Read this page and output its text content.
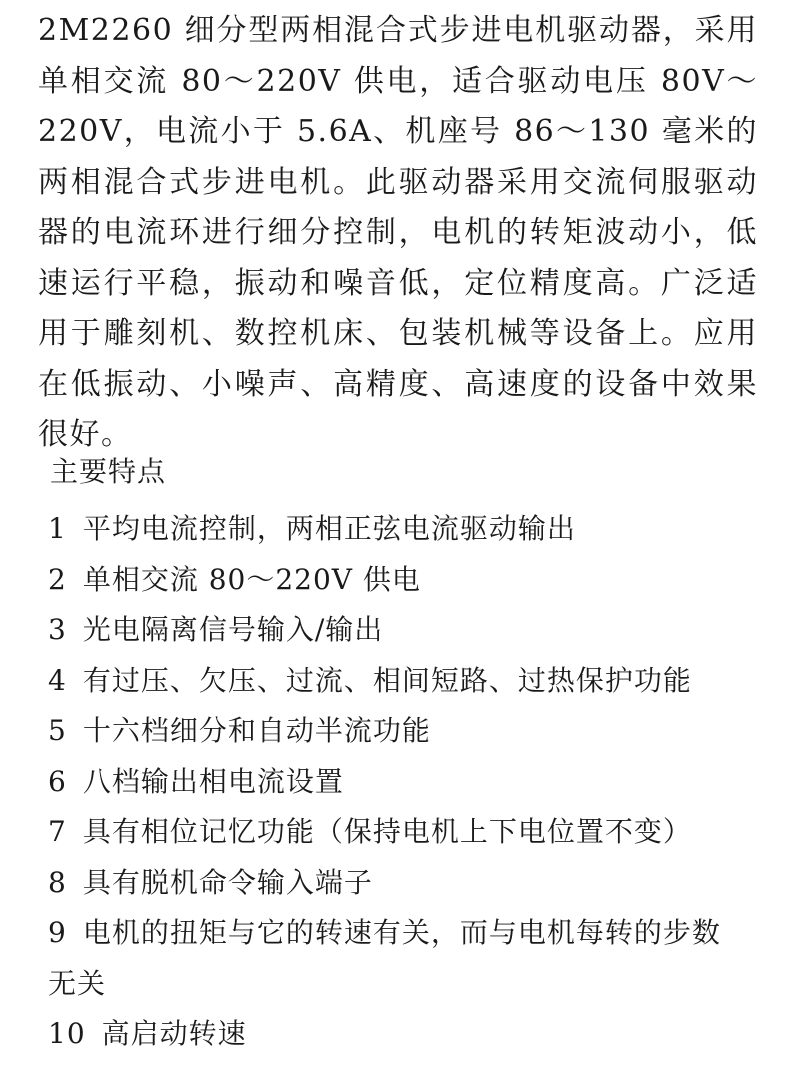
2M2260 细分型两相混合式步进电机驱动器，采用单相交流 80～220V 供电，适合驱动电压 80V～220V，电流小于 5.6A、机座号 86～130 毫米的两相混合式步进电机。此驱动器采用交流伺服驱动器的电流环进行细分控制，电机的转矩波动小，低速运行平稳，振动和噪音低，定位精度高。广泛适用于雕刻机、数控机床、包装机械等设备上。应用在低振动、小噪声、高精度、高速度的设备中效果很好。

主要特点
1 平均电流控制，两相正弦电流驱动输出
2 单相交流 80～220V 供电
3 光电隔离信号输入/输出
4 有过压、欠压、过流、相间短路、过热保护功能
5 十六档细分和自动半流功能
6 八档输出相电流设置
7 具有相位记忆功能（保持电机上下电位置不变）
8 具有脱机命令输入端子
9 电机的扭矩与它的转速有关，而与电机每转的步数无关
10 高启动转速
